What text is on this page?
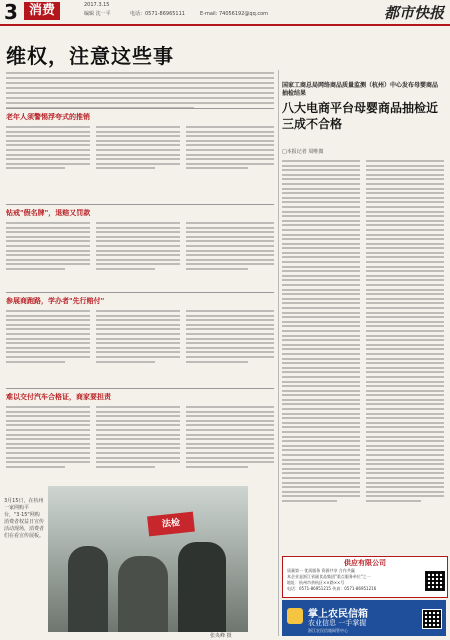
3 消费	2017.3.15
编辑 沈一平	电话：0571-86965111	E-mail: 74056192@qq.com	都市快报
维权，注意这些事
老年人须警惕浮夸式的推销
钻戒"假名牌"，退赔又罚款
参展商跑路，学办者"先行赔付"
难以交付汽车合格证，商家要担责
3月15日，在杭州一家网购平台，"3·15"网购消费者权益日宣传活动现场，消费者们在看宣传展板。
法检
张央峰 摄
国家工商总局网络商品质量监测（杭州）中心发布母婴商品抽检结果
八大电商平台母婴商品抽检近三成不合格
□本报记者 周唯微
供应有限公司
质量第一 优质服务 资源共享 合作共赢
本企业是浙江省副食品集团"重点服务单位"之一
地址：杭州市余杭区××路××号
电话：0571-86951215 传真：0571-86951216
掌上农民信箱
农业信息 一手掌握
浙江农民信箱网管中心
